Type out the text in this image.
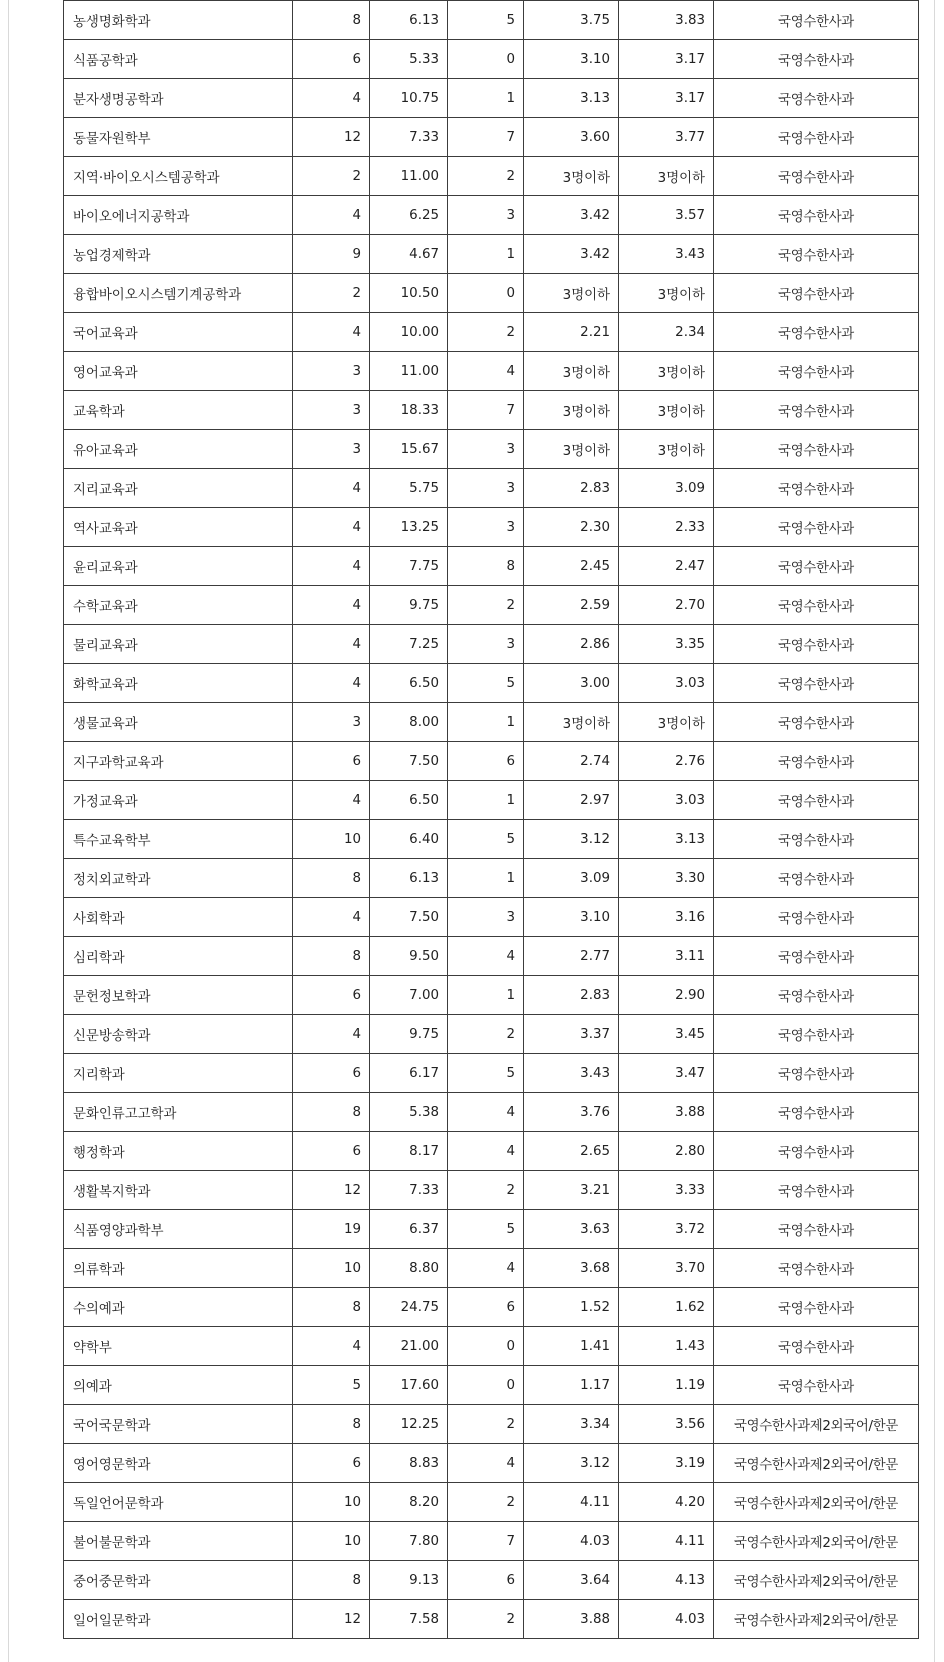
농생명화학과	8	6.13	5	3.75	3.83	국영수한사과
식품공학과	6	5.33	0	3.10	3.17	국영수한사과
분자생명공학과	4	10.75	1	3.13	3.17	국영수한사과
동물자원학부	12	7.33	7	3.60	3.77	국영수한사과
지역·바이오시스템공학과	2	11.00	2	3명이하	3명이하	국영수한사과
바이오에너지공학과	4	6.25	3	3.42	3.57	국영수한사과
농업경제학과	9	4.67	1	3.42	3.43	국영수한사과
융합바이오시스템기계공학과	2	10.50	0	3명이하	3명이하	국영수한사과
국어교육과	4	10.00	2	2.21	2.34	국영수한사과
영어교육과	3	11.00	4	3명이하	3명이하	국영수한사과
교육학과	3	18.33	7	3명이하	3명이하	국영수한사과
유아교육과	3	15.67	3	3명이하	3명이하	국영수한사과
지리교육과	4	5.75	3	2.83	3.09	국영수한사과
역사교육과	4	13.25	3	2.30	2.33	국영수한사과
윤리교육과	4	7.75	8	2.45	2.47	국영수한사과
수학교육과	4	9.75	2	2.59	2.70	국영수한사과
물리교육과	4	7.25	3	2.86	3.35	국영수한사과
화학교육과	4	6.50	5	3.00	3.03	국영수한사과
생물교육과	3	8.00	1	3명이하	3명이하	국영수한사과
지구과학교육과	6	7.50	6	2.74	2.76	국영수한사과
가정교육과	4	6.50	1	2.97	3.03	국영수한사과
특수교육학부	10	6.40	5	3.12	3.13	국영수한사과
정치외교학과	8	6.13	1	3.09	3.30	국영수한사과
사회학과	4	7.50	3	3.10	3.16	국영수한사과
심리학과	8	9.50	4	2.77	3.11	국영수한사과
문헌정보학과	6	7.00	1	2.83	2.90	국영수한사과
신문방송학과	4	9.75	2	3.37	3.45	국영수한사과
지리학과	6	6.17	5	3.43	3.47	국영수한사과
문화인류고고학과	8	5.38	4	3.76	3.88	국영수한사과
행정학과	6	8.17	4	2.65	2.80	국영수한사과
생활복지학과	12	7.33	2	3.21	3.33	국영수한사과
식품영양과학부	19	6.37	5	3.63	3.72	국영수한사과
의류학과	10	8.80	4	3.68	3.70	국영수한사과
수의예과	8	24.75	6	1.52	1.62	국영수한사과
약학부	4	21.00	0	1.41	1.43	국영수한사과
의예과	5	17.60	0	1.17	1.19	국영수한사과
국어국문학과	8	12.25	2	3.34	3.56	국영수한사과제2외국어/한문
영어영문학과	6	8.83	4	3.12	3.19	국영수한사과제2외국어/한문
독일언어문학과	10	8.20	2	4.11	4.20	국영수한사과제2외국어/한문
불어불문학과	10	7.80	7	4.03	4.11	국영수한사과제2외국어/한문
중어중문학과	8	9.13	6	3.64	4.13	국영수한사과제2외국어/한문
일어일문학과	12	7.58	2	3.88	4.03	국영수한사과제2외국어/한문
